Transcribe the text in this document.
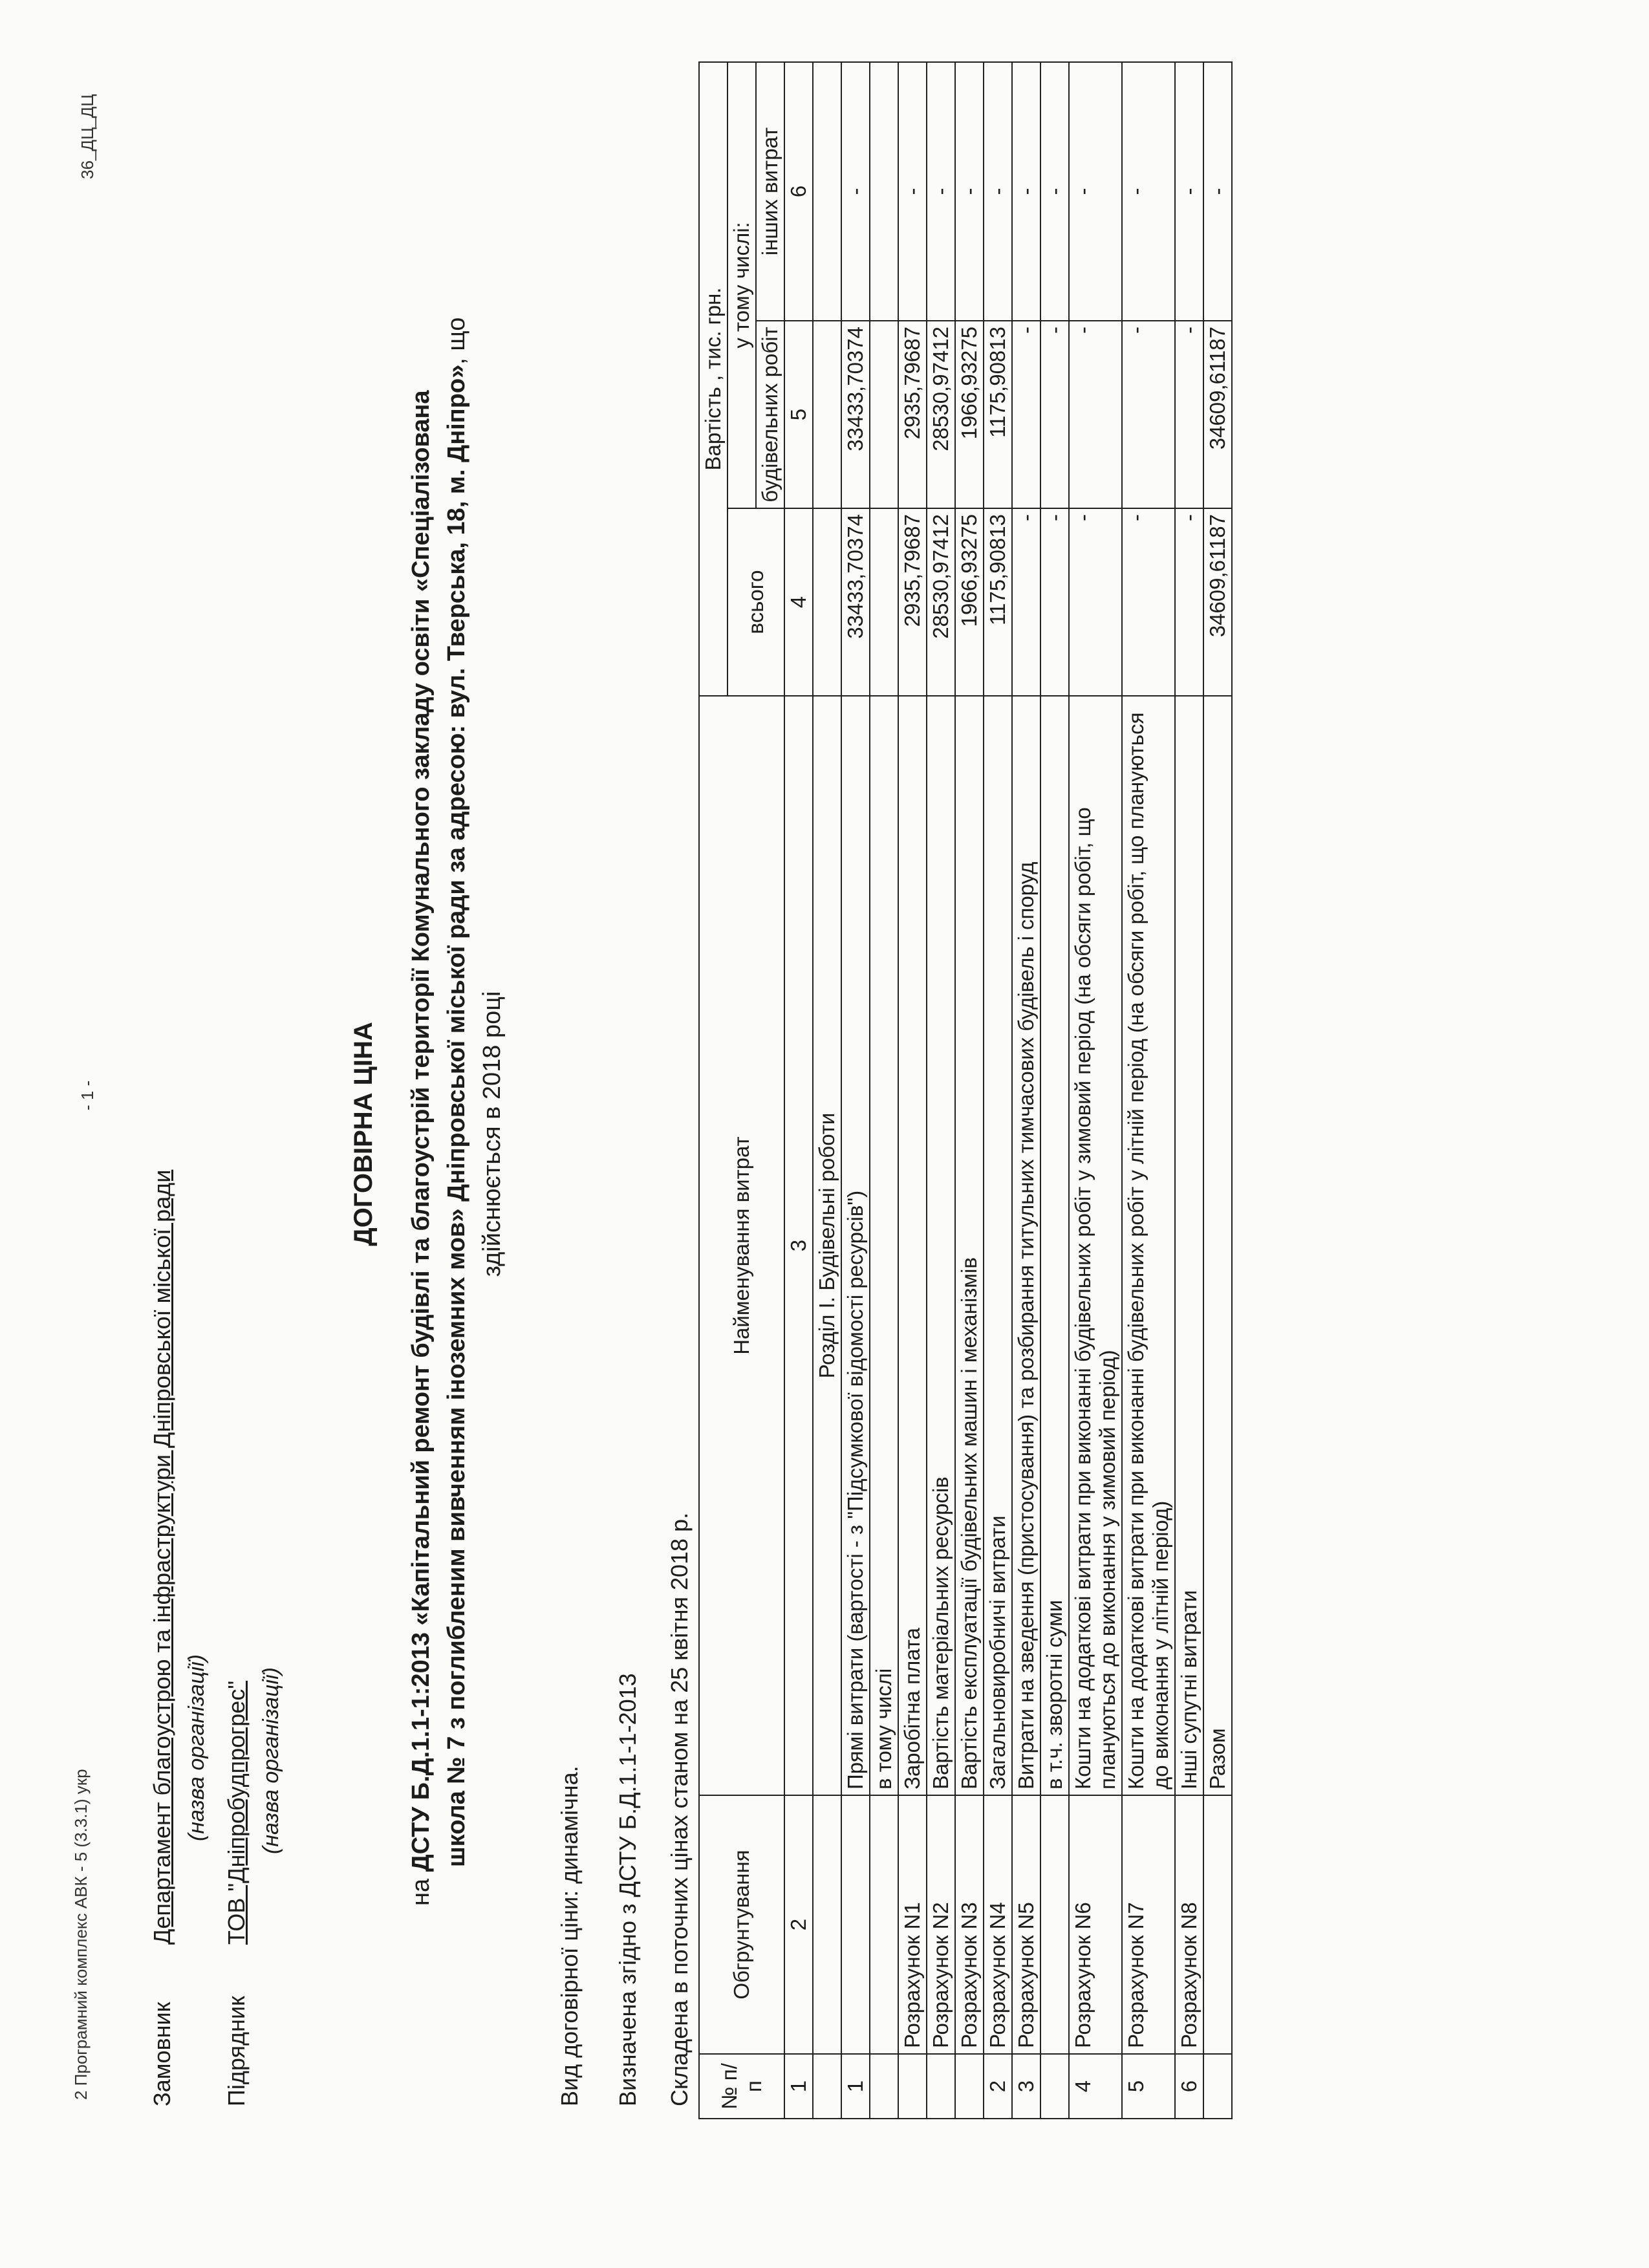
2 Програмний комплекс АВК - 5 (3.3.1) укр
- 1 -
36_ДЦ_ДЦ
Замовник
Департамент благоустрою та інфраструктури Дніпровської міської ради (назва організації)
Підрядник
ТОВ "Дніпробудпрогрес" (назва організації)
ДОГОВІРНА ЦІНА
на ДСТУ Б.Д.1.1-1:2013 «Капітальний ремонт будівлі та благоустрій території Комунального закладу освіти «Спеціалізована школа № 7 з поглибленим вивченням іноземних мов» Дніпровської міської ради за адресою: вул. Тверська, 18, м. Дніпро», що
здійснюється в 2018 році
Вид договірної ціни: динамічна. Визначена згідно з ДСТУ Б.Д.1.1-1-2013 Складена в поточних цінах станом на 25 квітня 2018 р. № п/п	Обгрунтування	Найменування витрат	Вартість , тис. грн.		
			всього	у тому числі:	
				будівельних робіт	інших витрат
1	2	3	4	5	6
		Розділ І. Будівельні роботи			
1		Прямі витрати (вартості - з "Підсумкової відомості ресурсів")	33433,70374	33433,70374	-
		в тому числі			
	Розрахунок N1	Заробітна плата	2935,79687	2935,79687	-
	Розрахунок N2	Вартість матеріальних ресурсів	28530,97412	28530,97412	-
	Розрахунок N3	Вартість експлуатації будівельних машин і механізмів	1966,93275	1966,93275	-
2	Розрахунок N4	Загальновиробничі витрати	1175,90813	1175,90813	-
3	Розрахунок N5	Витрати на зведення (пристосування) та розбирання титульних тимчасових будівель і споруд	-	-	-
		в т.ч. зворотні суми	-	-	-
4	Розрахунок N6	Кошти на додаткові витрати при виконанні будівельних робіт у зимовий період (на обсяги робіт, що плануються до виконання у зимовий період)	-	-	-
5	Розрахунок N7	Кошти на додаткові витрати при виконанні будівельних робіт у літній період (на обсяги робіт, що плануються до виконання у літній період)	-	-	-
6	Розрахунок N8	Інші супутні витрати	-	-	-
		Разом	34609,61187	34609,61187	-
